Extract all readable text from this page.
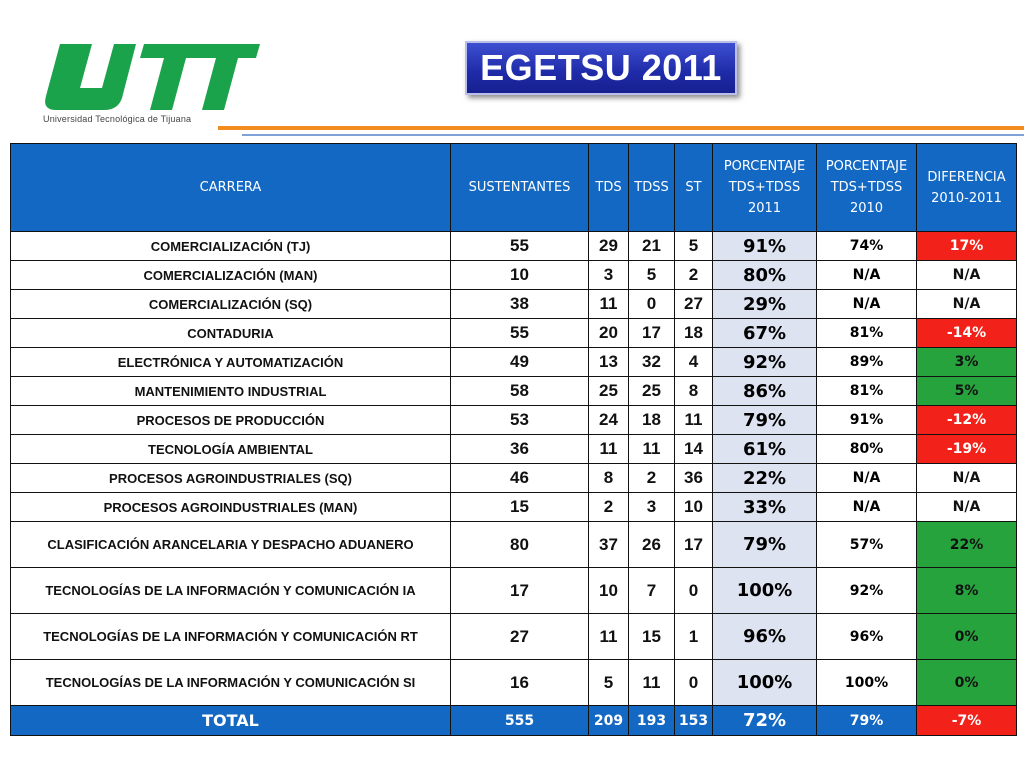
Universidad Tecnológica de Tijuana
EGETSU 2011
CARRERA	SUSTENTANTES	TDS	TDSS	ST	PORCENTAJE TDS+TDSS 2011	PORCENTAJE TDS+TDSS 2010	DIFERENCIA 2010-2011
COMERCIALIZACIÓN (TJ)	55	29	21	5	91%	74%	17%
COMERCIALIZACIÓN (MAN)	10	3	5	2	80%	N/A	N/A
COMERCIALIZACIÓN (SQ)	38	11	0	27	29%	N/A	N/A
CONTADURIA	55	20	17	18	67%	81%	-14%
ELECTRÓNICA Y AUTOMATIZACIÓN	49	13	32	4	92%	89%	3%
MANTENIMIENTO INDUSTRIAL	58	25	25	8	86%	81%	5%
PROCESOS DE PRODUCCIÓN	53	24	18	11	79%	91%	-12%
TECNOLOGÍA AMBIENTAL	36	11	11	14	61%	80%	-19%
PROCESOS AGROINDUSTRIALES (SQ)	46	8	2	36	22%	N/A	N/A
PROCESOS AGROINDUSTRIALES (MAN)	15	2	3	10	33%	N/A	N/A
CLASIFICACIÓN ARANCELARIA Y DESPACHO ADUANERO	80	37	26	17	79%	57%	22%
TECNOLOGÍAS DE LA INFORMACIÓN Y COMUNICACIÓN IA	17	10	7	0	100%	92%	8%
TECNOLOGÍAS DE LA INFORMACIÓN Y COMUNICACIÓN RT	27	11	15	1	96%	96%	0%
TECNOLOGÍAS DE LA INFORMACIÓN Y COMUNICACIÓN SI	16	5	11	0	100%	100%	0%
TOTAL	555	209	193	153	72%	79%	-7%
